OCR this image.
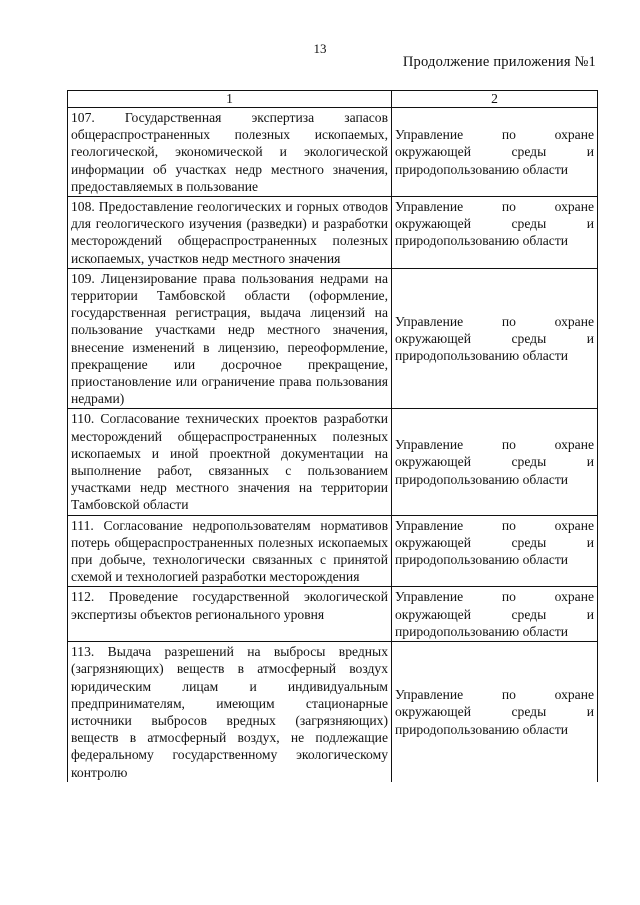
13
Продолжение приложения №1
1	2
107. Государственная экспертиза запасов общераспространенных полезных ископаемых, геологической, экономической и экологической информации об участках недр местного значения, предоставляемых в пользование	Управление по охране окружающей среды и природопользованию области
108. Предоставление геологических и горных отводов для геологического изучения (разведки) и разработки месторождений общераспространенных полезных ископаемых, участков недр местного значения	Управление по охране окружающей среды и природопользованию области
109. Лицензирование права пользования недрами на территории Тамбовской области (оформление, государственная регистрация, выдача лицензий на пользование участками недр местного значения, внесение изменений в лицензию, переоформление, прекращение или досрочное прекращение, приостановление или ограничение права пользования недрами)	Управление по охране окружающей среды и природопользованию области
110. Согласование технических проектов разработки месторождений общераспространенных полезных ископаемых и иной проектной документации на выполнение работ, связанных с пользованием участками недр местного значения на территории Тамбовской области	Управление по охране окружающей среды и природопользованию области
111. Согласование недропользователям нормативов потерь общераспространенных полезных ископаемых при добыче, технологически связанных с принятой схемой и технологией разработки месторождения	Управление по охране окружающей среды и природопользованию области
112. Проведение государственной экологической экспертизы объектов регионального уровня	Управление по охране окружающей среды и природопользованию области
113. Выдача разрешений на выбросы вредных (загрязняющих) веществ в атмосферный воздух юридическим лицам и индивидуальным предпринимателям, имеющим стационарные источники выбросов вредных (загрязняющих) веществ в атмосферный воздух, не подлежащие федеральному государственному экологическому контролю	Управление по охране окружающей среды и природопользованию области
